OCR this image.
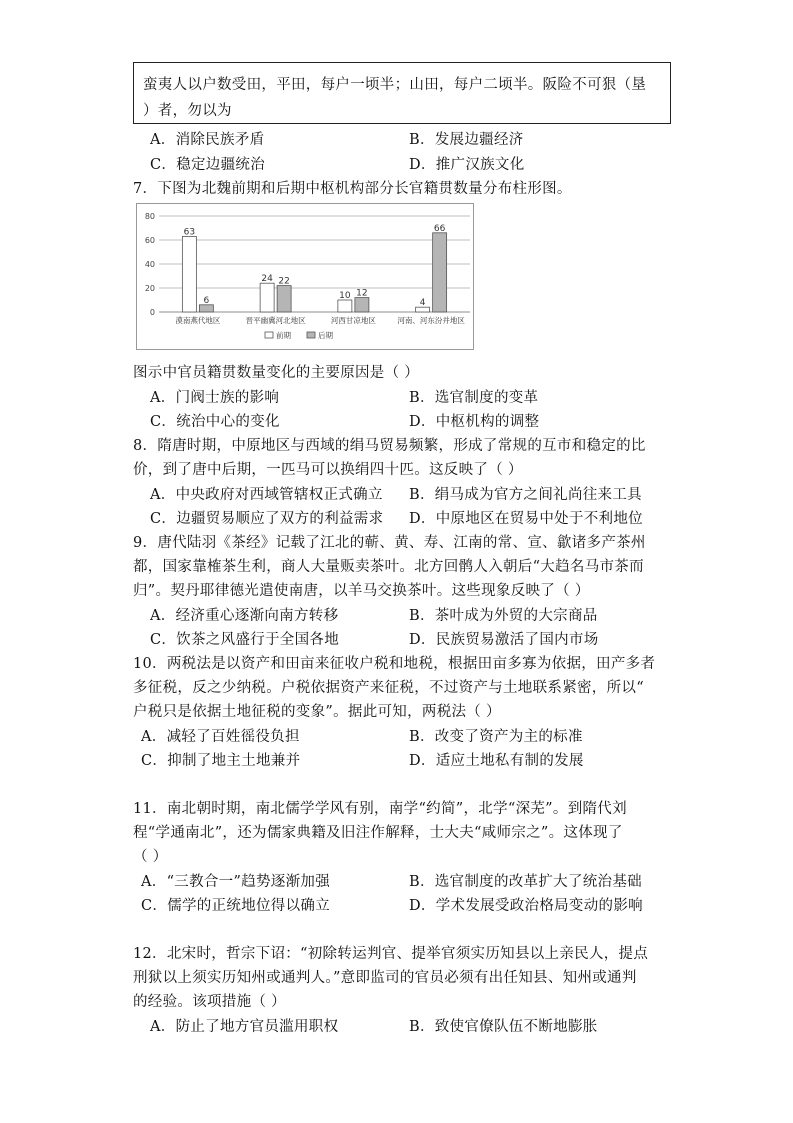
蛮夷人以户数受田，平田，每户一顷半；山田，每户二顷半。阪险不可狠（垦
）者，勿以为
A．消除民族矛盾	B．发展边疆经济
C．稳定边疆统治	D．推广汉族文化
7．下图为北魏前期和后期中枢机构部分长官籍贯数量分布柱形图。
0
20
40
60
80
63
6
漠南燕代地区
24 22
晋平幽冀河北地区
10 12
河西甘凉地区
4
66
河南、河东汾并地区
前期	后期
图示中官员籍贯数量变化的主要原因是（ ）
A．门阀士族的影响	B．选官制度的变革
C．统治中心的变化	D．中枢机构的调整
8．隋唐时期，中原地区与西域的绢马贸易频繁，形成了常规的互市和稳定的比
价，到了唐中后期，一匹马可以换绢四十匹。这反映了（ ）
A．中央政府对西域管辖权正式确立 B．绢马成为官方之间礼尚往来工具
C．边疆贸易顺应了双方的利益需求 D．中原地区在贸易中处于不利地位
9．唐代陆羽《茶经》记载了江北的蕲、黄、寿、江南的常、宣、歙诸多产茶州
都，国家靠榷茶生利，商人大量贩卖茶叶。北方回鹘人入朝后“大趋名马市茶而
归”。契丹耶律德光遣使南唐，以羊马交换茶叶。这些现象反映了（ ）
A．经济重心逐渐向南方转移	B．茶叶成为外贸的大宗商品
C．饮茶之风盛行于全国各地	D．民族贸易激活了国内市场
10．两税法是以资产和田亩来征收户税和地税，根据田亩多寡为依据，田产多者
多征税，反之少纳税。户税依据资产来征税，不过资产与土地联系紧密，所以“
户税只是依据土地征税的变象”。据此可知，两税法（ ）
A．减轻了百姓徭役负担	B．改变了资产为主的标准
C．抑制了地主土地兼并	D．适应土地私有制的发展
11．南北朝时期，南北儒学学风有别，南学“约简”，北学“深芜”。到隋代刘
程“学通南北”，还为儒家典籍及旧注作解释，士大夫“咸师宗之”。这体现了
（ ）
A．“三教合一”趋势逐渐加强	B．选官制度的改革扩大了统治基础
C．儒学的正统地位得以确立	D．学术发展受政治格局变动的影响
12．北宋时，哲宗下诏：“初除转运判官、提举官须实历知县以上亲民人，提点
刑狱以上须实历知州或通判人。”意即监司的官员必须有出任知县、知州或通判
的经验。该项措施（ ）
A．防止了地方官员滥用职权	B．致使官僚队伍不断地膨胀
